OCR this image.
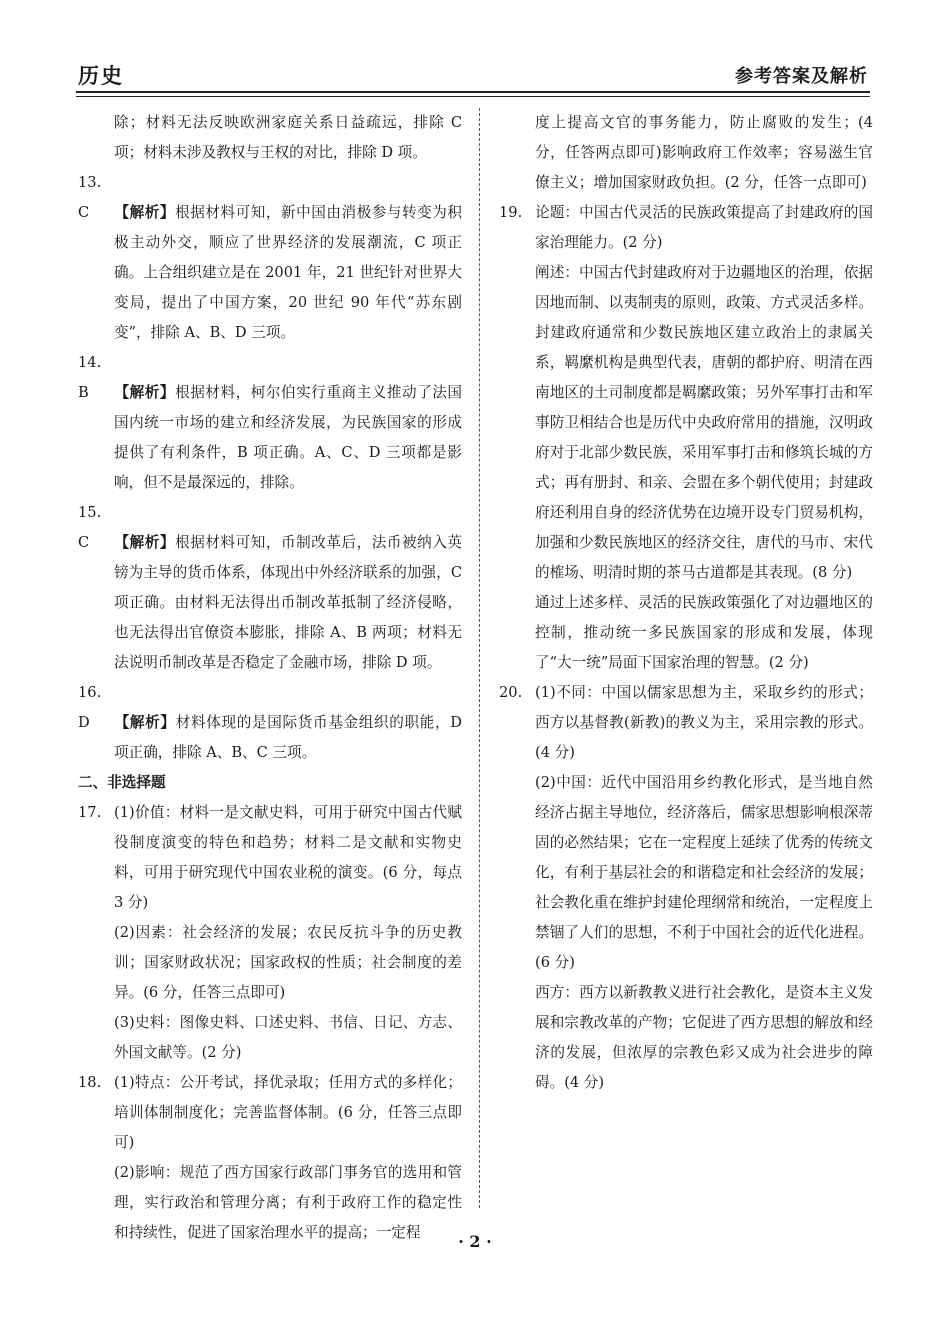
历史	参考答案及解析

除；材料无法反映欧洲家庭关系日益疏远，排除 C 项；材料未涉及教权与王权的对比，排除 D 项。

13. C 【解析】根据材料可知，新中国由消极参与转变为积极主动外交，顺应了世界经济的发展潮流，C 项正确。上合组织建立是在 2001 年，21 世纪针对世界大变局，提出了中国方案，20 世纪 90 年代“苏东剧变”，排除 A、B、D 三项。

14. B 【解析】根据材料，柯尔伯实行重商主义推动了法国国内统一市场的建立和经济发展，为民族国家的形成提供了有利条件，B 项正确。A、C、D 三项都是影响，但不是最深远的，排除。

15. C 【解析】根据材料可知，币制改革后，法币被纳入英镑为主导的货币体系，体现出中外经济联系的加强，C 项正确。由材料无法得出币制改革抵制了经济侵略，也无法得出官僚资本膨胀，排除 A、B 两项；材料无法说明币制改革是否稳定了金融市场，排除 D 项。

16. D 【解析】材料体现的是国际货币基金组织的职能，D 项正确，排除 A、B、C 三项。

二、非选择题

17. (1)价值：材料一是文献史料，可用于研究中国古代赋役制度演变的特色和趋势；材料二是文献和实物史料，可用于研究现代中国农业税的演变。(6 分，每点 3 分)

(2)因素：社会经济的发展；农民反抗斗争的历史教训；国家财政状况；国家政权的性质；社会制度的差异。(6 分，任答三点即可)

(3)史料：图像史料、口述史料、书信、日记、方志、外国文献等。(2 分)

18. (1)特点：公开考试，择优录取；任用方式的多样化；培训体制制度化；完善监督体制。(6 分，任答三点即可)

(2)影响：规范了西方国家行政部门事务官的选用和管理，实行政治和管理分离；有利于政府工作的稳定性和持续性，促进了国家治理水平的提高；一定程

度上提高文官的事务能力，防止腐败的发生；(4 分，任答两点即可)影响政府工作效率；容易滋生官僚主义；增加国家财政负担。(2 分，任答一点即可)

19. 论题：中国古代灵活的民族政策提高了封建政府的国家治理能力。(2 分)

阐述：中国古代封建政府对于边疆地区的治理，依据因地而制、以夷制夷的原则，政策、方式灵活多样。封建政府通常和少数民族地区建立政治上的隶属关系，羁縻机构是典型代表，唐朝的都护府、明清在西南地区的土司制度都是羁縻政策；另外军事打击和军事防卫相结合也是历代中央政府常用的措施，汉明政府对于北部少数民族，采用军事打击和修筑长城的方式；再有册封、和亲、会盟在多个朝代使用；封建政府还利用自身的经济优势在边境开设专门贸易机构，加强和少数民族地区的经济交往，唐代的马市、宋代的榷场、明清时期的茶马古道都是其表现。(8 分)

通过上述多样、灵活的民族政策强化了对边疆地区的控制，推动统一多民族国家的形成和发展，体现了“大一统”局面下国家治理的智慧。(2 分)

20. (1)不同：中国以儒家思想为主，采取乡约的形式；西方以基督教(新教)的教义为主，采用宗教的形式。(4 分)

(2)中国：近代中国沿用乡约教化形式，是当地自然经济占据主导地位，经济落后，儒家思想影响根深蒂固的必然结果；它在一定程度上延续了优秀的传统文化，有利于基层社会的和谐稳定和社会经济的发展；社会教化重在维护封建伦理纲常和统治，一定程度上禁锢了人们的思想，不利于中国社会的近代化进程。(6 分)

西方：西方以新教教义进行社会教化，是资本主义发展和宗教改革的产物；它促进了西方思想的解放和经济的发展，但浓厚的宗教色彩又成为社会进步的障碍。(4 分)

· 2 ·
